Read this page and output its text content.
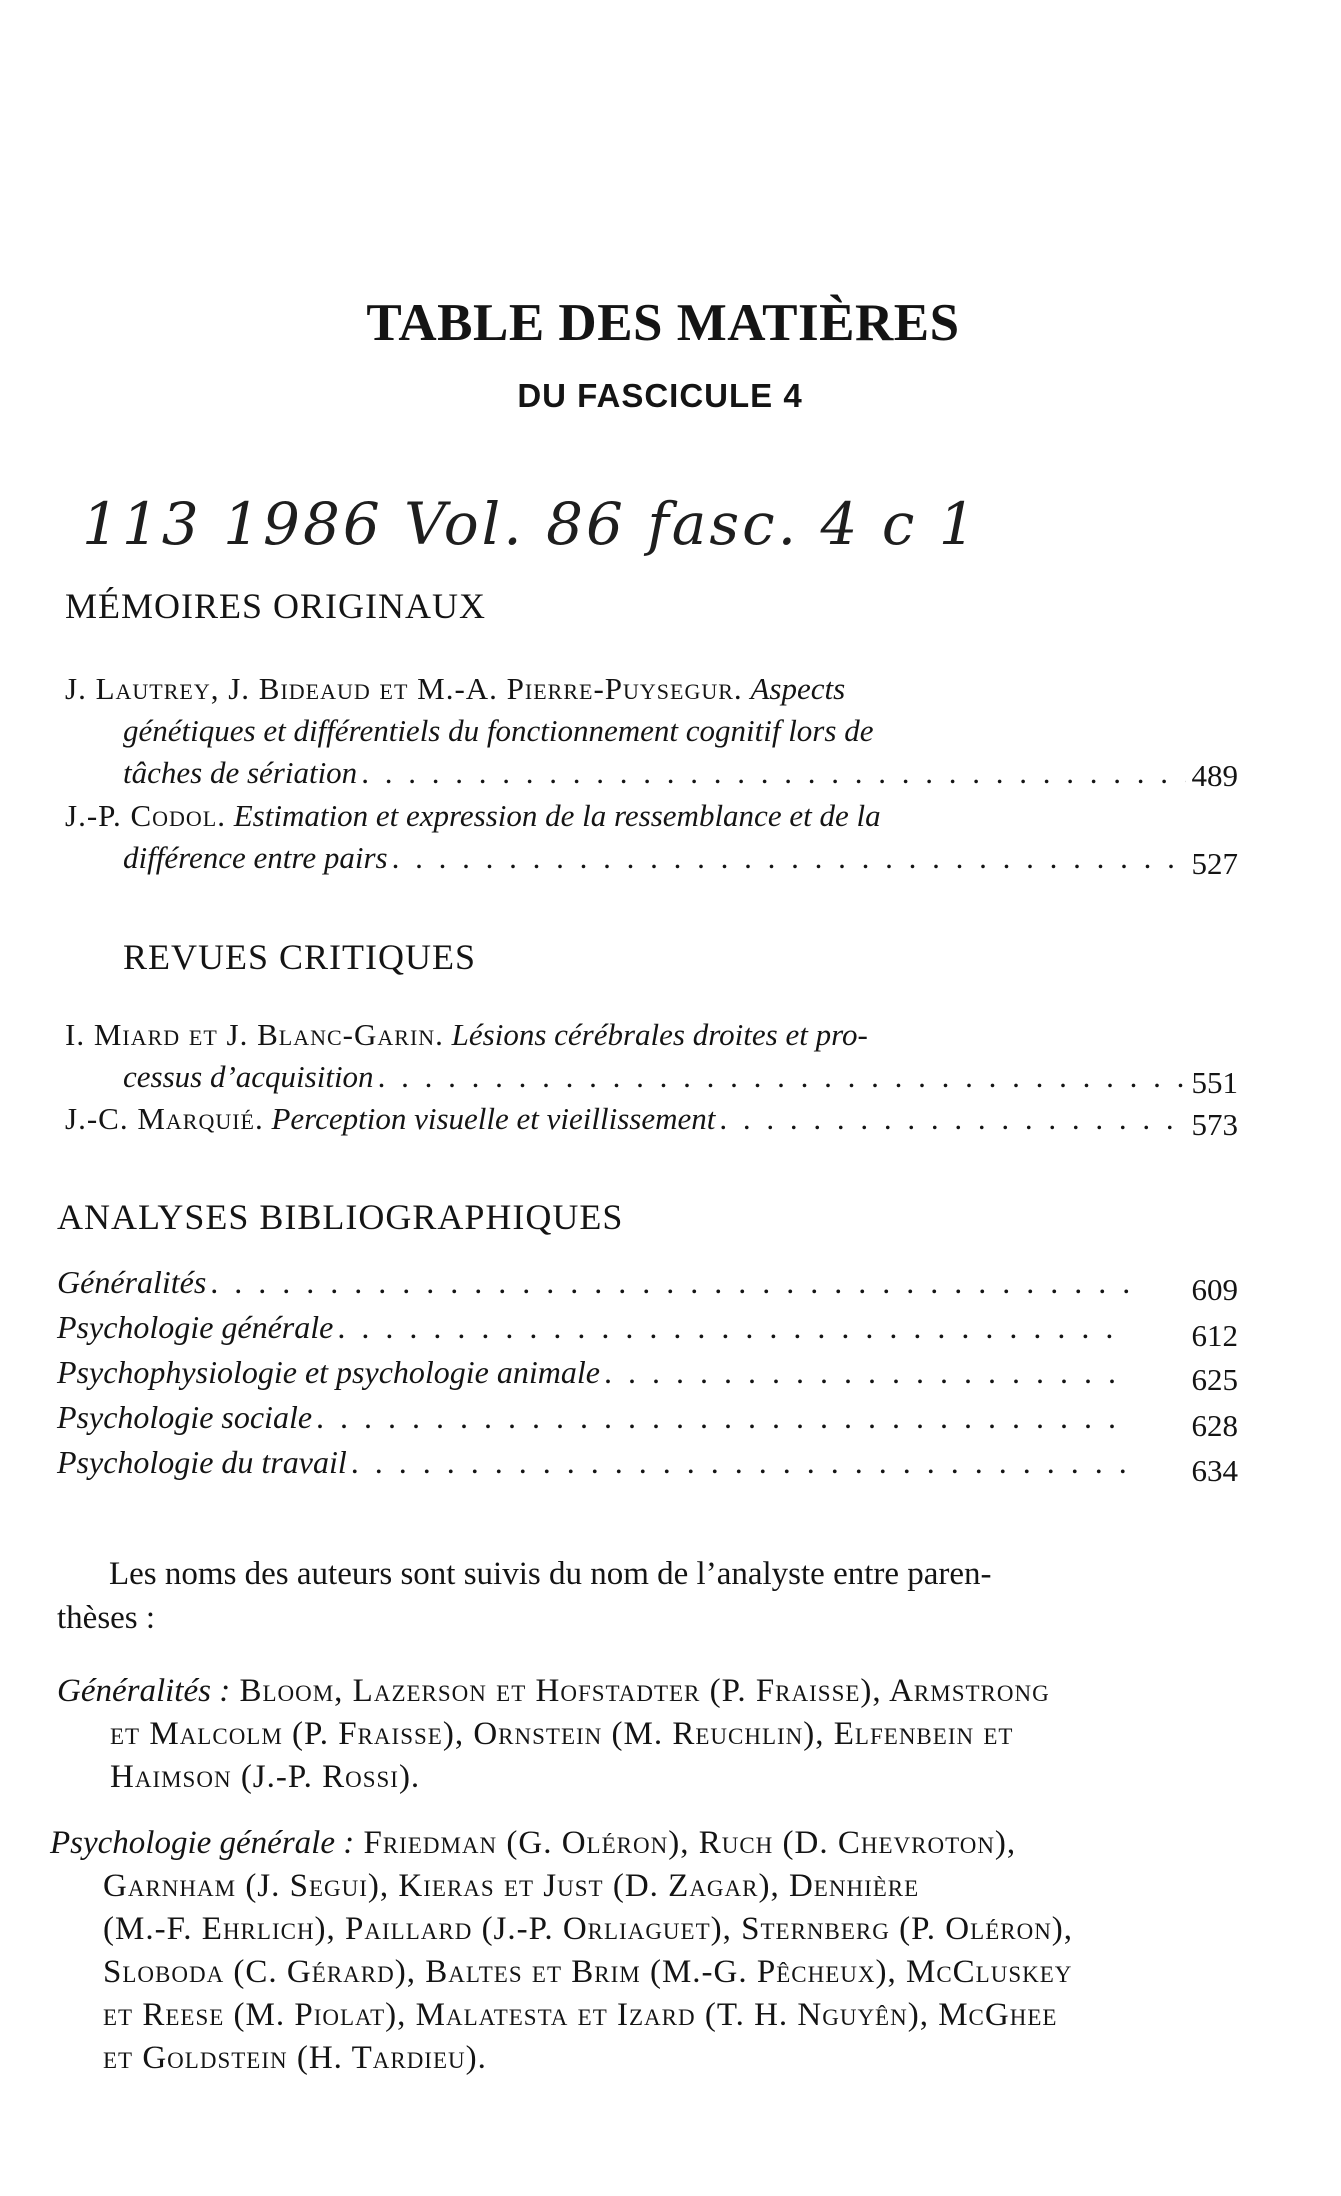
TABLE DES MATIÈRES
DU FASCICULE 4
113 1986 Vol. 86 fasc. 4 c 1
MÉMOIRES ORIGINAUX
J. Lautrey, J. Bideaud et M.-A. Pierre-Puysegur. Aspects
génétiques et différentiels du fonctionnement cognitif lors de
tâches de sériation . . .	489
J.-P. Codol. Estimation et expression de la ressemblance et de la
différence entre pairs . . .	527
REVUES CRITIQUES
I. Miard et J. Blanc-Garin. Lésions cérébrales droites et pro-
cessus d’acquisition . . .	551
J.-C. Marquié.
Perception visuelle et vieillissement . . .	573
ANALYSES BIBLIOGRAPHIQUES
Généralités . . .	609
Psychologie générale . . .	612
Psychophysiologie et psychologie animale . . .	625
Psychologie sociale . . .	628
Psychologie du travail . . .	634
Les noms des auteurs sont suivis du nom de l’analyste entre paren-
thèses :
Généralités : Bloom, Lazerson et Hofstadter (P. Fraisse), Armstrong
et Malcolm (P. Fraisse), Ornstein (M. Reuchlin), Elfenbein et
Haimson (J.-P. Rossi).
Psychologie générale : Friedman (G. Oléron), Ruch (D. Chevroton),
Garnham (J. Segui), Kieras et Just (D. Zagar), Denhière
(M.-F. Ehrlich), Paillard (J.-P. Orliaguet), Sternberg (P. Oléron),
Sloboda (C. Gérard), Baltes et Brim (M.-G. Pêcheux), McCluskey
et Reese (M. Piolat), Malatesta et Izard (T. H. Nguyên), McGhee
et Goldstein (H. Tardieu).
